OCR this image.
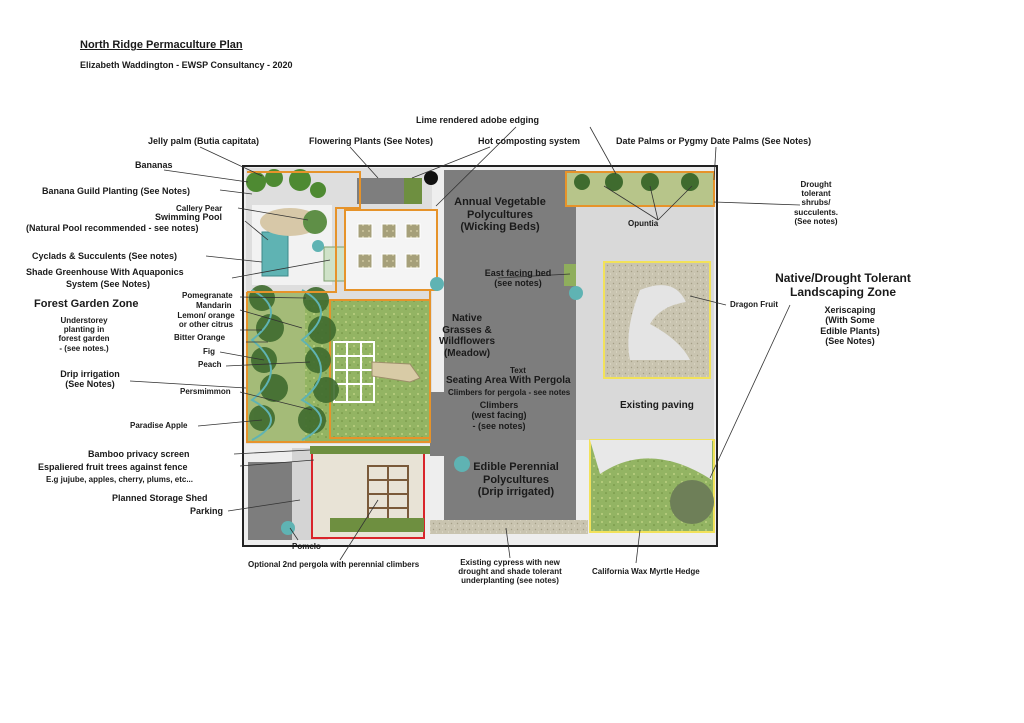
North Ridge Permaculture Plan
Elizabeth Waddington - EWSP Consultancy - 2020
Lime rendered adobe edging
Jelly palm (Butia capitata)	Flowering Plants (See Notes)	Hot composting system	Date Palms or Pygmy Date Palms (See Notes)
Bananas
Banana Guild Planting (See Notes)
Callery Pear
Swimming Pool
(Natural Pool recommended - see notes)
Cyclads & Succulents (See notes)
Shade Greenhouse With Aquaponics
System (See Notes)
Forest Garden Zone
Understorey
planting in
forest garden
- (see notes.)
Pomegranate
Mandarin
Lemon/ orange
or other citrus
Bitter Orange
Fig
Peach
Drip irrigation
(See Notes)
Persmimmon
Paradise Apple
Bamboo privacy screen
Espaliered fruit trees against fence
E.g jujube, apples, cherry, plums, etc...
Planned Storage Shed
Parking
Pomelo
Optional 2nd pergola with perennial climbers
Annual Vegetable
Polycultures
(Wicking Beds)
East facing bed
(see notes)
Native
Grasses &
Wildflowers
(Meadow)
Text
Seating Area With Pergola
Climbers for pergola - see notes
Climbers
(west facing)
- (see notes)
Edible Perennial
Polycultures
(Drip irrigated)
Existing cypress with new
drought and shade tolerant
underplanting (see notes)
California Wax Myrtle Hedge
Drought
tolerant
shrubs/
succulents.
(See notes)
Opuntia
Native/Drought Tolerant
Landscaping Zone
Dragon Fruit
Xeriscaping
(With Some
Edible Plants)
(See Notes)
Existing paving
